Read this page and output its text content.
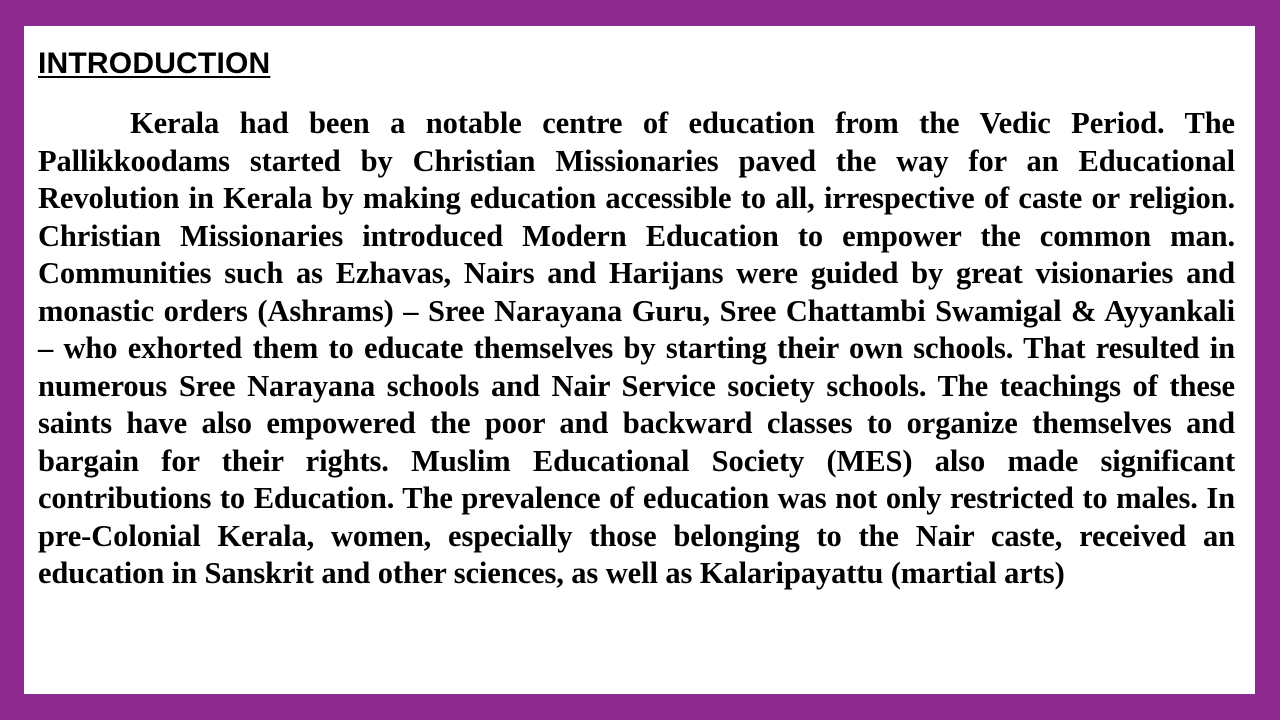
INTRODUCTION

Kerala had been a notable centre of education from the Vedic Period. The Pallikkoodams started by Christian Missionaries paved the way for an Educational Revolution in Kerala by making education accessible to all, irrespective of caste or religion. Christian Missionaries introduced Modern Education to empower the common man. Communities such as Ezhavas, Nairs and Harijans were guided by great visionaries and monastic orders (Ashrams) – Sree Narayana Guru, Sree Chattambi Swamigal & Ayyankali – who exhorted them to educate themselves by starting their own schools. That resulted in numerous Sree Narayana schools and Nair Service society schools. The teachings of these saints have also empowered the poor and backward classes to organize themselves and bargain for their rights. Muslim Educational Society (MES) also made significant contributions to Education. The prevalence of education was not only restricted to males. In pre-Colonial Kerala, women, especially those belonging to the Nair caste, received an education in Sanskrit and other sciences, as well as Kalaripayattu (martial arts)
